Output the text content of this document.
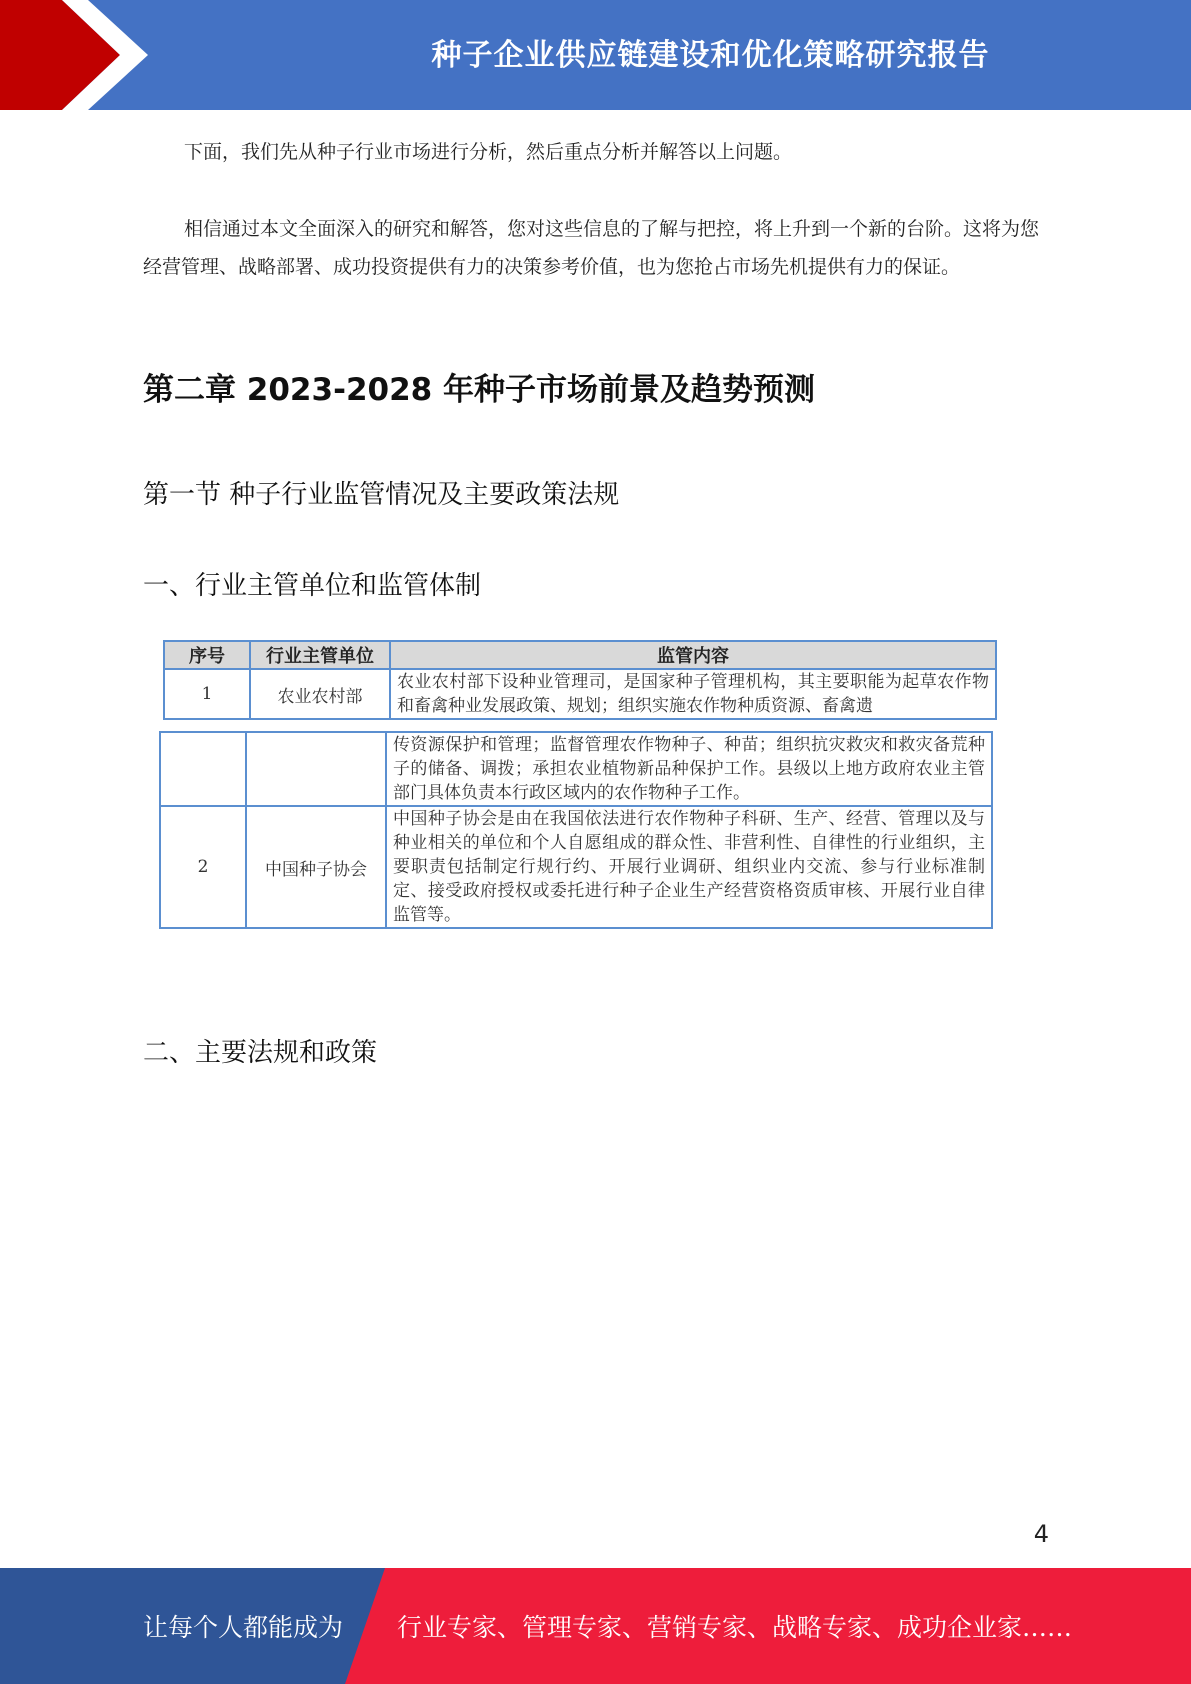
种子企业供应链建设和优化策略研究报告
下面，我们先从种子行业市场进行分析，然后重点分析并解答以上问题。
相信通过本文全面深入的研究和解答，您对这些信息的了解与把控，将上升到一个新的台阶。这将为您经营管理、战略部署、成功投资提供有力的决策参考价值，也为您抢占市场先机提供有力的保证。
第二章 2023-2028 年种子市场前景及趋势预测
第一节 种子行业监管情况及主要政策法规
一、行业主管单位和监管体制
序号	行业主管单位	监管内容
1	农业农村部	农业农村部下设种业管理司，是国家种子管理机构，其主要职能为起草农作物和畜禽种业发展政策、规划；组织实施农作物种质资源、畜禽遗
		传资源保护和管理；监督管理农作物种子、种苗；组织抗灾救灾和救灾备荒种子的储备、调拨；承担农业植物新品种保护工作。县级以上地方政府农业主管部门具体负责本行政区域内的农作物种子工作。
2	中国种子协会	中国种子协会是由在我国依法进行农作物种子科研、生产、经营、管理以及与种业相关的单位和个人自愿组成的群众性、非营利性、自律性的行业组织，主要职责包括制定行规行约、开展行业调研、组织业内交流、参与行业标准制定、接受政府授权或委托进行种子企业生产经营资格资质审核、开展行业自律监管等。
二、主要法规和政策
4
让每个人都能成为 行业专家、管理专家、营销专家、战略专家、成功企业家……
